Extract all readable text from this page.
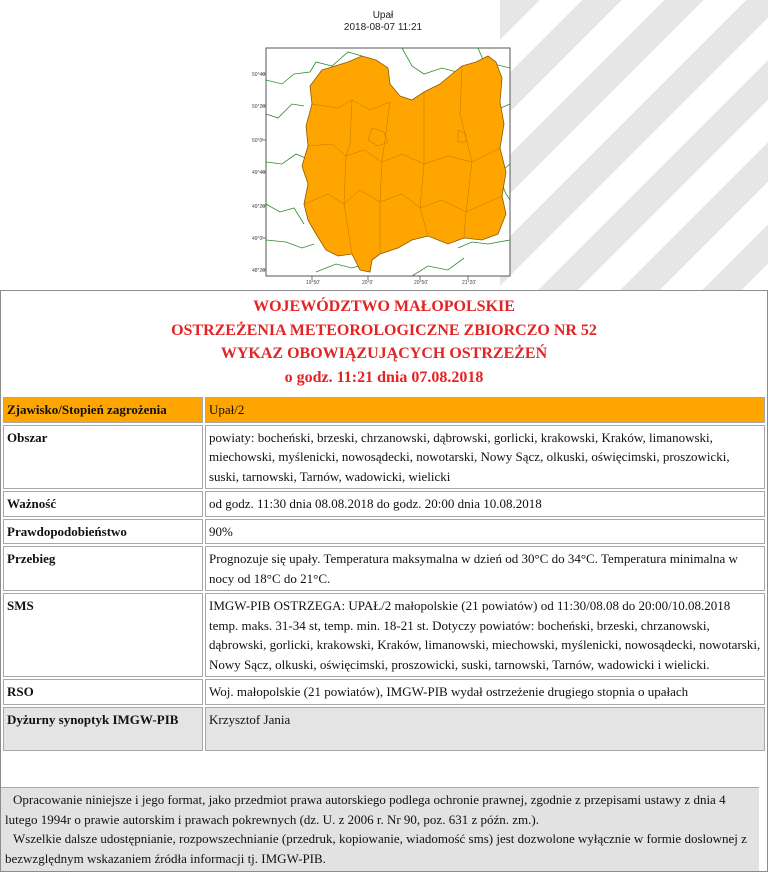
Upał
2018-08-07 11:21
50°40'
50°20'
50°0'
49°40'
49°20'
49°0'
48°20'
19°50'	20°0'	20°50'	21°20'
WOJEWÓDZTWO MAŁOPOLSKIE
OSTRZEŻENIA METEOROLOGICZNE ZBIORCZO NR 52
WYKAZ OBOWIĄZUJĄCYCH OSTRZEŻEŃ
o godz. 11:21 dnia 07.08.2018
Zjawisko/Stopień zagrożenia	Upał/2
Obszar	powiaty: bocheński, brzeski, chrzanowski, dąbrowski, gorlicki, krakowski, Kraków, limanowski, miechowski, myślenicki, nowosądecki, nowotarski, Nowy Sącz, olkuski, oświęcimski, proszowicki, suski, tarnowski, Tarnów, wadowicki, wielicki
Ważność	od godz. 11:30 dnia 08.08.2018 do godz. 20:00 dnia 10.08.2018
Prawdopodobieństwo	90%
Przebieg	Prognozuje się upały. Temperatura maksymalna w dzień od 30°C do 34°C. Temperatura minimalna w nocy od 18°C do 21°C.
SMS	IMGW-PIB OSTRZEGA: UPAŁ/2 małopolskie (21 powiatów) od 11:30/08.08 do 20:00/10.08.2018 temp. maks. 31-34 st, temp. min. 18-21 st. Dotyczy powiatów: bocheński, brzeski, chrzanowski, dąbrowski, gorlicki, krakowski, Kraków, limanowski, miechowski, myślenicki, nowosądecki, nowotarski, Nowy Sącz, olkuski, oświęcimski, proszowicki, suski, tarnowski, Tarnów, wadowicki i wielicki.
RSO	Woj. małopolskie (21 powiatów), IMGW-PIB wydał ostrzeżenie drugiego stopnia o upałach
Dyżurny synoptyk IMGW-PIB	Krzysztof Jania

Opracowanie niniejsze i jego format, jako przedmiot prawa autorskiego podlega ochronie prawnej, zgodnie z przepisami ustawy z dnia 4 lutego 1994r o prawie autorskim i prawach pokrewnych (dz. U. z 2006 r. Nr 90, poz. 631 z późn. zm.).

Wszelkie dalsze udostępnianie, rozpowszechnianie (przedruk, kopiowanie, wiadomość sms) jest dozwolone wyłącznie w formie doslownej z bezwzględnym wskazaniem źródła informacji tj. IMGW-PIB.
